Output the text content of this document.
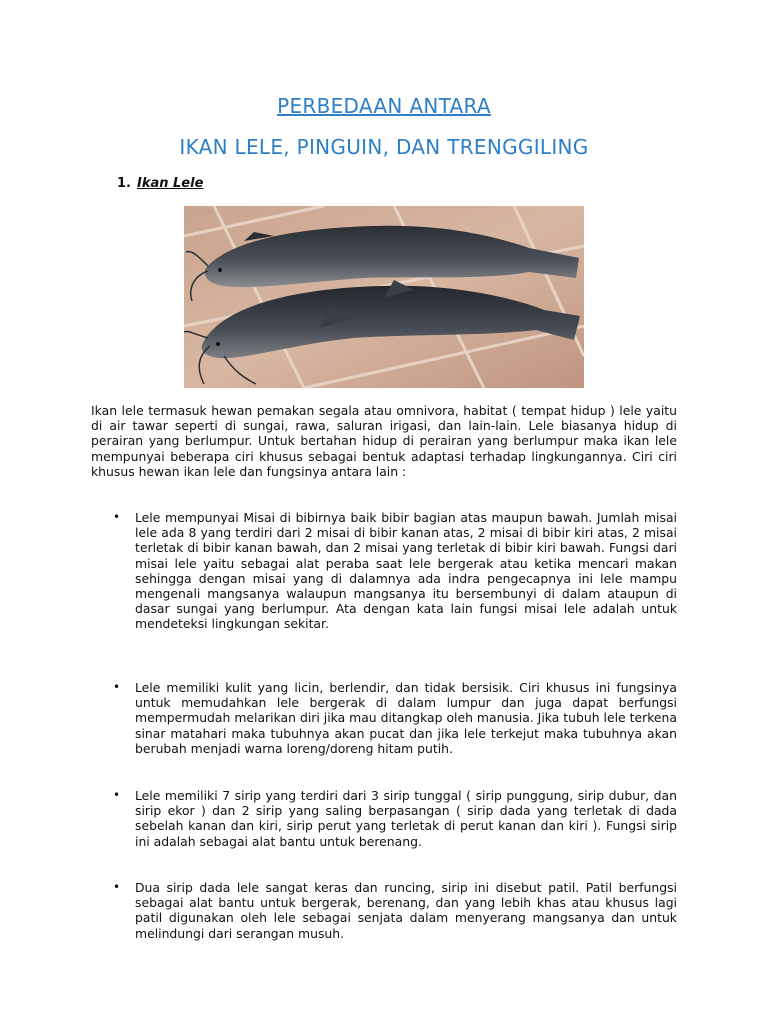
PERBEDAAN ANTARA
IKAN LELE, PINGUIN, DAN TRENGGILING
1. Ikan Lele

Ikan lele termasuk hewan pemakan segala atau omnivora, habitat ( tempat hidup ) lele yaitu di air tawar seperti di sungai, rawa, saluran irigasi, dan lain-lain. Lele biasanya hidup di perairan yang berlumpur. Untuk bertahan hidup di perairan yang berlumpur maka ikan lele mempunyai beberapa ciri khusus sebagai bentuk adaptasi terhadap lingkungannya. Ciri ciri khusus hewan ikan lele dan fungsinya antara lain :

• Lele mempunyai Misai di bibirnya baik bibir bagian atas maupun bawah. Jumlah misai lele ada 8 yang terdiri dari 2 misai di bibir kanan atas, 2 misai di bibir kiri atas, 2 misai terletak di bibir kanan bawah, dan 2 misai yang terletak di bibir kiri bawah. Fungsi dari misai lele yaitu sebagai alat peraba saat lele bergerak atau ketika mencari makan sehingga dengan misai yang di dalamnya ada indra pengecapnya ini lele mampu mengenali mangsanya walaupun mangsanya itu bersembunyi di dalam ataupun di dasar sungai yang berlumpur. Ata dengan kata lain fungsi misai lele adalah untuk mendeteksi lingkungan sekitar.

• Lele memiliki kulit yang licin, berlendir, dan tidak bersisik. Ciri khusus ini fungsinya untuk memudahkan lele bergerak di dalam lumpur dan juga dapat berfungsi mempermudah melarikan diri jika mau ditangkap oleh manusia. Jika tubuh lele terkena sinar matahari maka tubuhnya akan pucat dan jika lele terkejut maka tubuhnya akan berubah menjadi warna loreng/doreng hitam putih.

• Lele memiliki 7 sirip yang terdiri dari 3 sirip tunggal ( sirip punggung, sirip dubur, dan sirip ekor ) dan 2 sirip yang saling berpasangan ( sirip dada yang terletak di dada sebelah kanan dan kiri, sirip perut yang terletak di perut kanan dan kiri ). Fungsi sirip ini adalah sebagai alat bantu untuk berenang.

• Dua sirip dada lele sangat keras dan runcing, sirip ini disebut patil. Patil berfungsi sebagai alat bantu untuk bergerak, berenang, dan yang lebih khas atau khusus lagi patil digunakan oleh lele sebagai senjata dalam menyerang mangsanya dan untuk melindungi dari serangan musuh.
